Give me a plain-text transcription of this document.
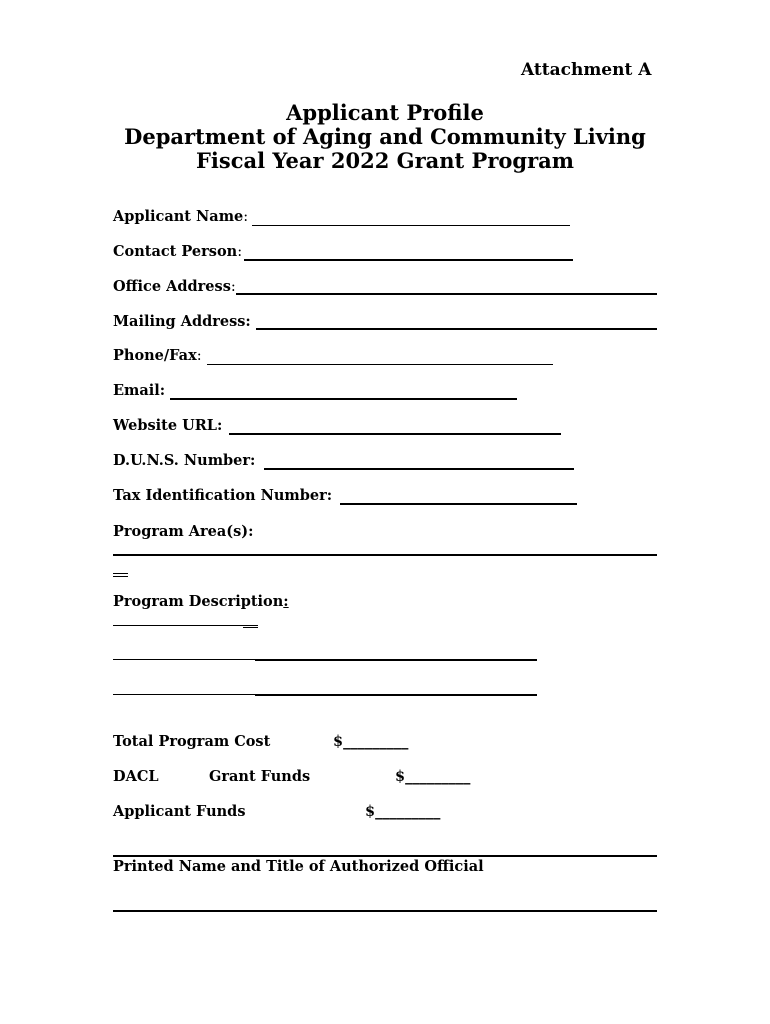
Attachment A
Applicant Profile
Department of Aging and Community Living
Fiscal Year 2022 Grant Program
Applicant Name:
Contact Person:
Office Address:
Mailing Address:
Phone/Fax:
Email:
Website URL:
D.U.N.S. Number:
Tax Identification Number:
Program Area(s):
Program Description:
Total Program Cost	$_________
DACL	Grant Funds	$_________
Applicant Funds	$_________
Printed Name and Title of Authorized Official
